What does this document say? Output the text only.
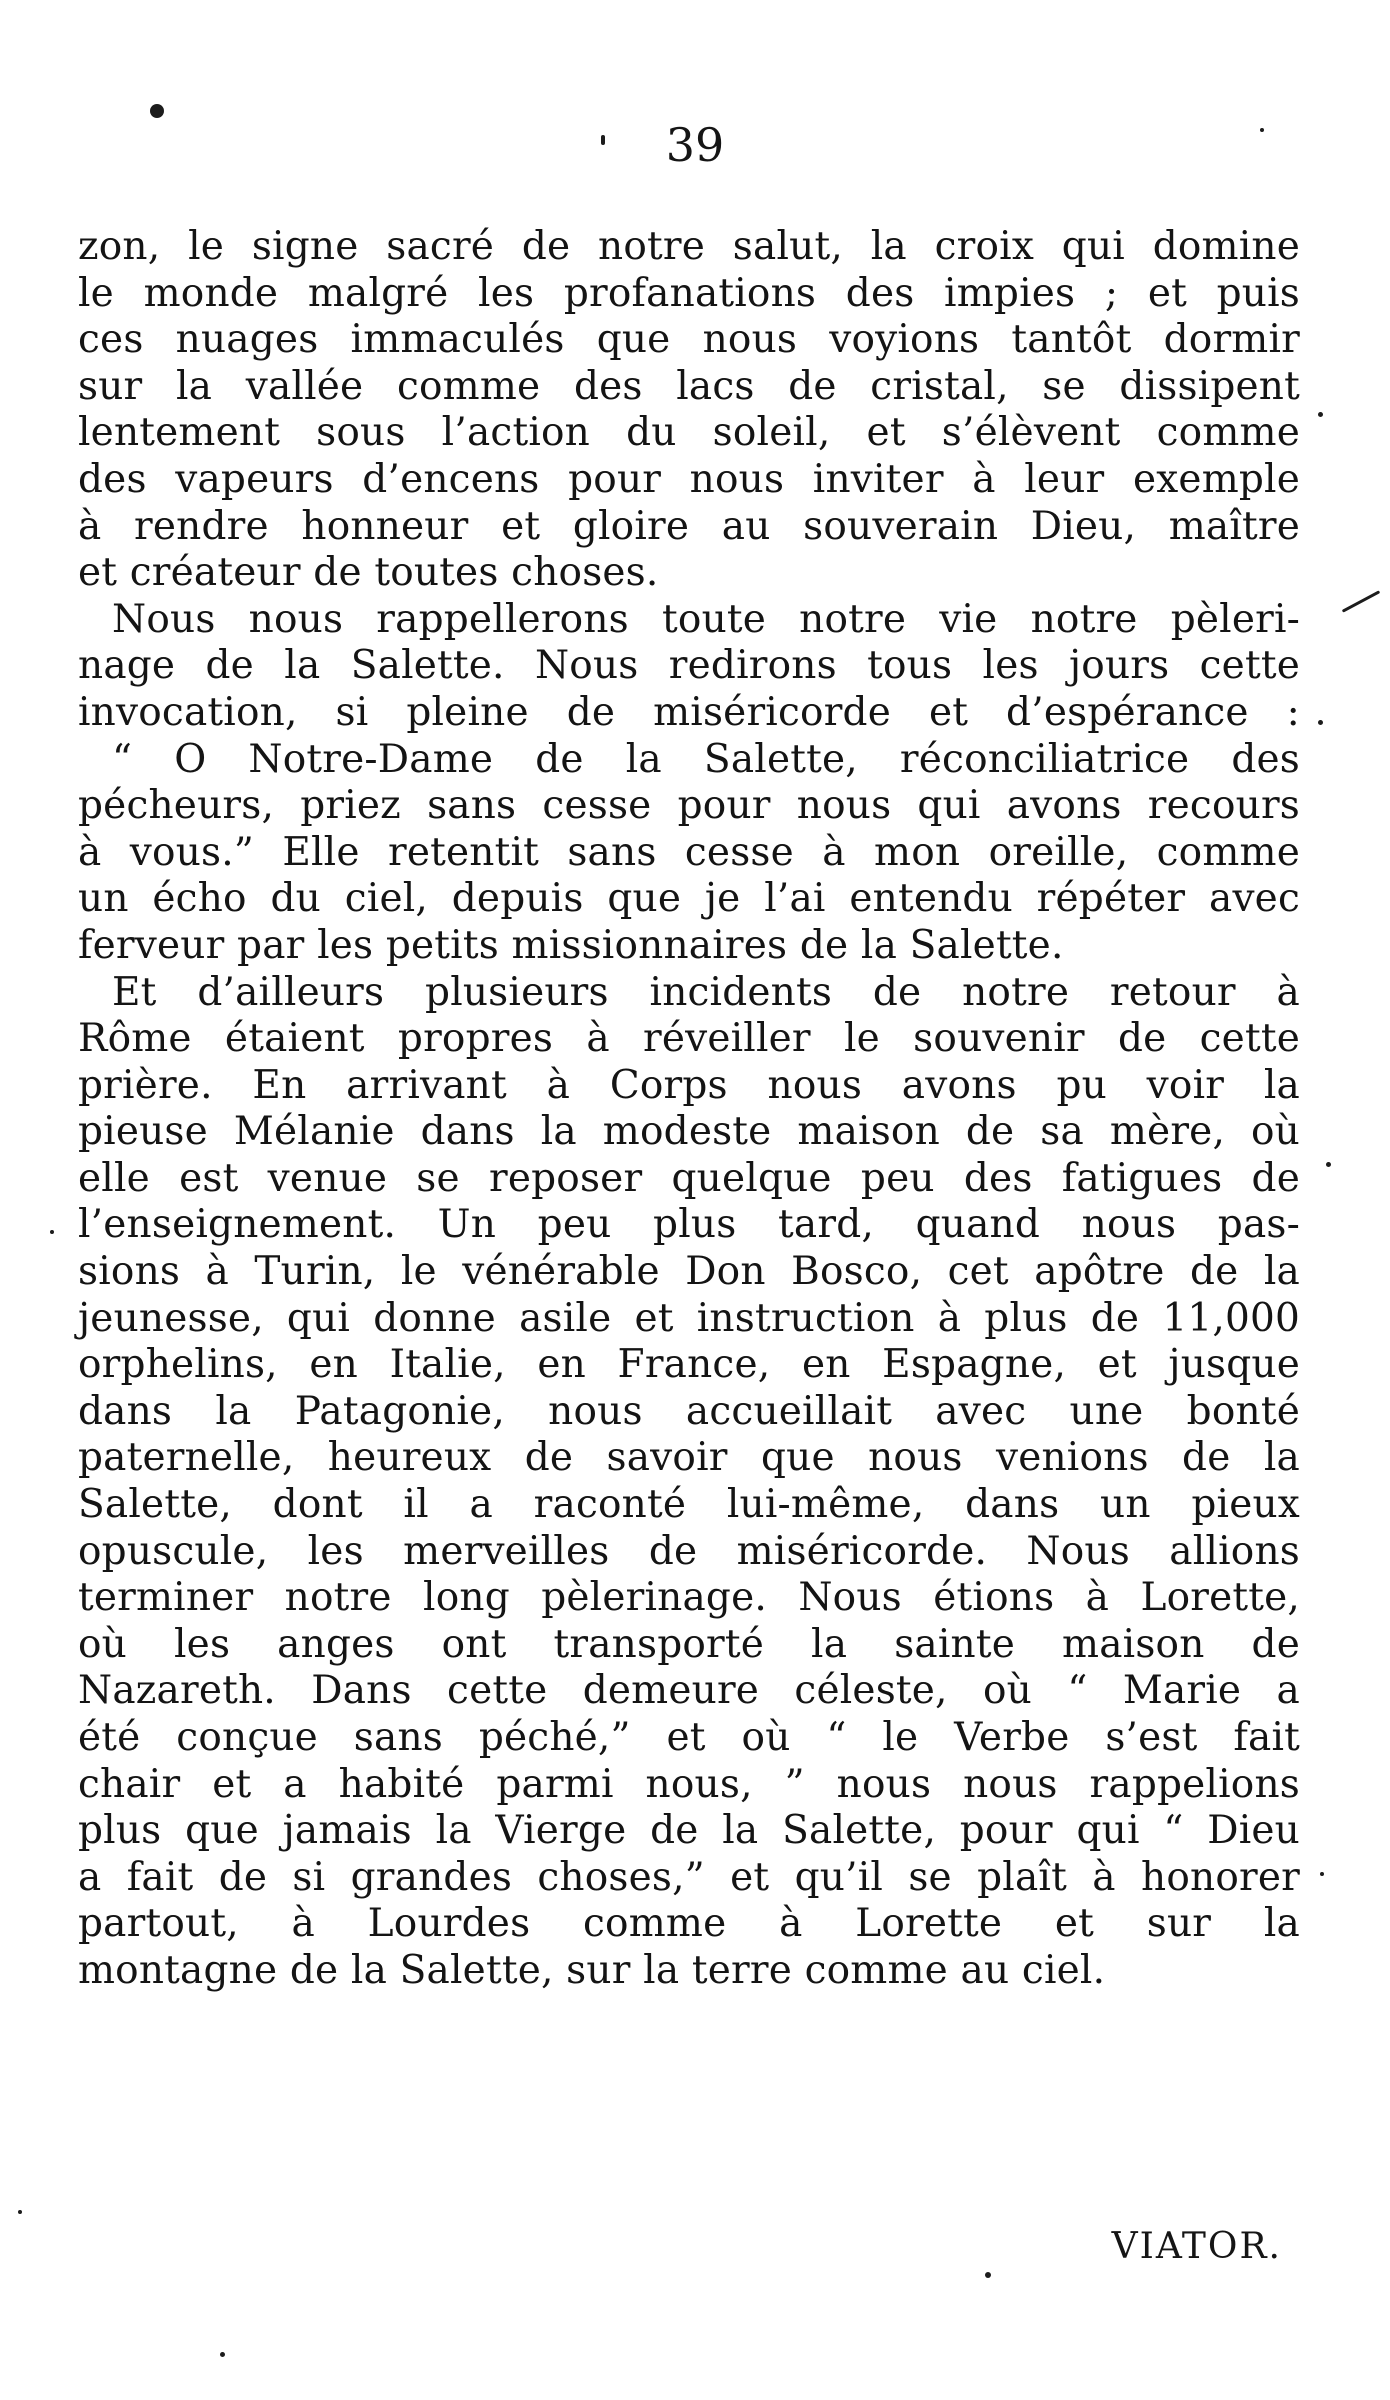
39
zon, le signe sacré de notre salut, la croix qui domine
le monde malgré les profanations des impies ; et puis
ces nuages immaculés que nous voyions tantôt dormir
sur la vallée comme des lacs de cristal, se dissipent
lentement sous l’action du soleil, et s’élèvent comme
des vapeurs d’encens pour nous inviter à leur exemple
à rendre honneur et gloire au souverain Dieu, maître
et créateur de toutes choses.
Nous nous rappellerons toute notre vie notre pèleri-
nage de la Salette. Nous redirons tous les jours cette
invocation, si pleine de miséricorde et d’espérance :
“ O Notre-Dame de la Salette, réconciliatrice des
pécheurs, priez sans cesse pour nous qui avons recours
à vous.” Elle retentit sans cesse à mon oreille, comme
un écho du ciel, depuis que je l’ai entendu répéter avec
ferveur par les petits missionnaires de la Salette.
Et d’ailleurs plusieurs incidents de notre retour à
Rôme étaient propres à réveiller le souvenir de cette
prière. En arrivant à Corps nous avons pu voir la
pieuse Mélanie dans la modeste maison de sa mère, où
elle est venue se reposer quelque peu des fatigues de
l’enseignement. Un peu plus tard, quand nous pas-
sions à Turin, le vénérable Don Bosco, cet apôtre de la
jeunesse, qui donne asile et instruction à plus de 11,000
orphelins, en Italie, en France, en Espagne, et jusque
dans la Patagonie, nous accueillait avec une bonté
paternelle, heureux de savoir que nous venions de la
Salette, dont il a raconté lui-même, dans un pieux
opuscule, les merveilles de miséricorde. Nous allions
terminer notre long pèlerinage. Nous étions à Lorette,
où les anges ont transporté la sainte maison de
Nazareth. Dans cette demeure céleste, où “ Marie a
été conçue sans péché,” et où “ le Verbe s’est fait
chair et a habité parmi nous, ” nous nous rappelions
plus que jamais la Vierge de la Salette, pour qui “ Dieu
a fait de si grandes choses,” et qu’il se plaît à honorer
partout, à Lourdes comme à Lorette et sur la
montagne de la Salette, sur la terre comme au ciel.
VIATOR.
